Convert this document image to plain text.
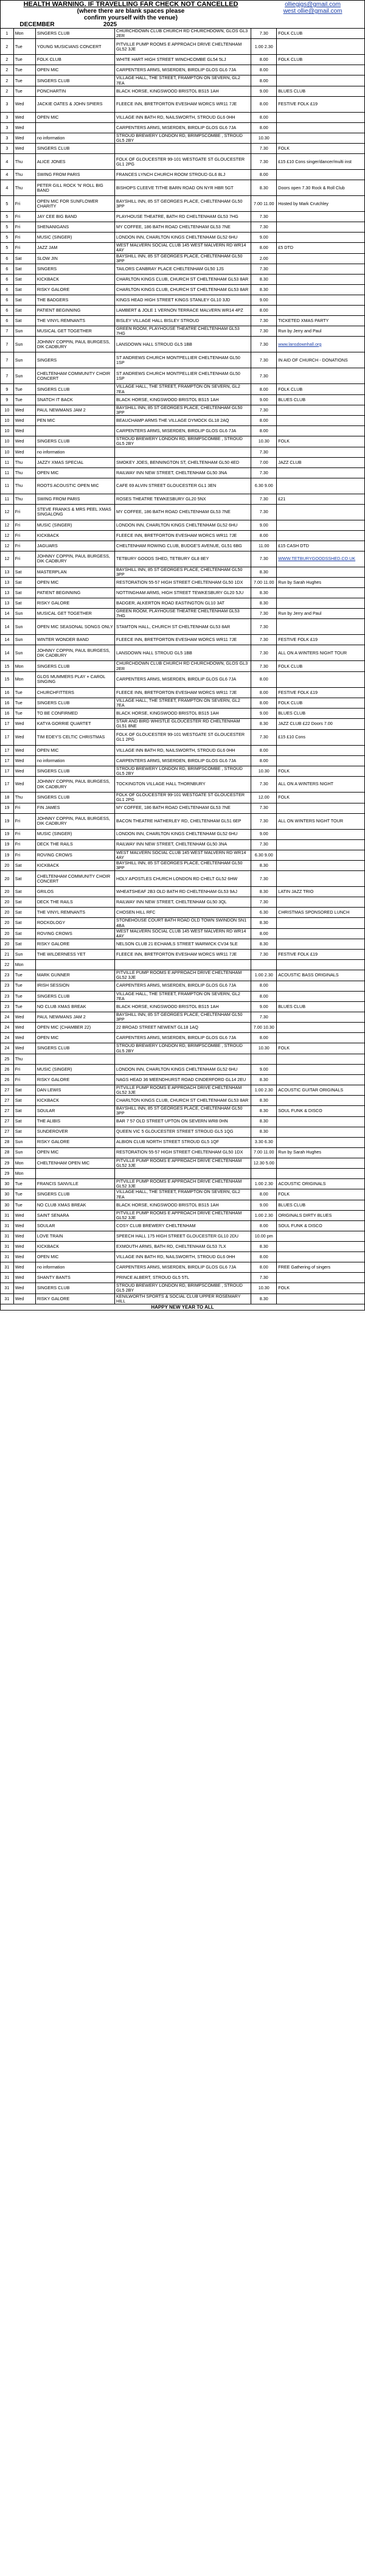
HEALTH WARNING. IF TRAVELLING FAR CHECK NOT CANCELLED
(where there are blank spaces please
confirm yourself with the venue)
olliegigs@gmail.com
west ollie@gmail.com
DECEMBER	2025
1	Mon	SINGERS CLUB	CHURCHDOWN CLUB CHURCH RD CHURCHDOWN, GLOS GL3 2ER	7.30	FOLK CLUB
2	Tue	YOUNG MUSICIANS CONCERT	PITVILLE PUMP ROOMS E APPROACH DRIVE CHELTENHAM GL52 3JE	1.00 2.30	
2	Tue	FOLK CLUB	WHITE HART HIGH STREET WINCHCOMBE GL54 5LJ	8.00	FOLK CLUB
2	Tue	OPEN MIC	CARPENTERS ARMS, MISERDEN, BIRDLIP GLOS GL6 7JA	8.00	
2	Tue	SINGERS CLUB	VILLAGE HALL, THE STREET, FRAMPTON ON SEVERN, GL2 7EA	8.00	
2	Tue	PONCHARTIN	BLACK HORSE, KINGSWOOD BRISTOL BS15 1AH	9.00	BLUES CLUB
3	Wed	JACKIE OATES & JOHN SPIERS	FLEECE INN, BRETFORTON EVESHAM WORCS WR11 7JE	8.00	FESTIVE FOLK £19
3	Wed	OPEN MIC	VILLAGE INN BATH RD, NAILSWORTH, STROUD GL6 0HH	8.00	
3	Wed		CARPENTERS ARMS, MISERDEN, BIRDLIP GLOS GL6 7JA	8.00	
3	Wed	no information	STROUD BREWERY LONDON RD, BRIMPSCOMBE , STROUD GL5 2BY	10.30	
3	Wed	SINGERS CLUB		7.30	FOLK
4	Thu	ALICE JONES	FOLK OF GLOUCESTER 99-101 WESTGATE ST GLOUCESTER GL1 2PG	7.30	£15 £10 Cons singer/dancer/multi inst
4	Thu	SWING FROM PARIS	FRANCES LYNCH CHURCH ROOM STROUD GL6 8LJ	8.00	
4	Thu	PETER GILL ROCK 'N' ROLL BIG BAND	BISHOPS CLEEVE TITHE BARN ROAD ON NYR HBR 5GT	8.30	Doors open 7.30 Rock & Roll Club
5	Fri	OPEN MIC FOR SUNFLOWER CHARITY	BAYSHILL INN, 85 ST GEORGES PLACE, CHELTENHAM GL50 3PP	7.00 11.00	Hosted by Mark Crutchley
5	Fri	JAY CEE BIG BAND	PLAYHOUSE THEATRE, BATH RD CHELTENHAM GL53 7HG	7.30	
5	Fri	SHENANIGANS	MY COFFEE, 186 BATH ROAD CHELTENHAM GL53 7NE	7.30	
5	Fri	MUSIC (SINGER)	LONDON INN, CHARLTON KINGS CHELTENHAM GL52 6HU	9.00	
5	Fri	JAZZ JAM	WEST MALVERN SOCIAL CLUB 145 WEST MALVERN RD WR14 4AY	8.00	£5 DTD
6	Sat	SLOW JIN	BAYSHILL INN, 85 ST GEORGES PLACE, CHELTENHAM GL50 3PP	2.00	
6	Sat	SINGERS	TAILORS CANBRAY PLACE CHELTENHAM GL50 1JS	7.30	
6	Sat	KICKBACK	CHARLTON KINGS CLUB, CHURCH ST CHELTENHAM GL53 8AR	8.30	
6	Sat	RISKY GALORE	CHARLTON KINGS CLUB, CHURCH ST CHELTENHAM GL53 8AR	8.30	
6	Sat	THE BADGERS	KINGS HEAD HIGH STREET KINGS STANLEY GL10 3JD	9.00	
6	Sat	PATIENT BEGINNING	LAMBERT & JOLE 1 VERNON TERRACE MALVERN WR14 4PZ	8.00	
6	Sat	THE VINYL REMNANTS	BISLEY VILLAGE HALL BISLEY STROUD	7.30	TICKETED XMAS PARTY
7	Sun	MUSICAL GET TOGETHER	GREEN ROOM, PLAYHOUSE THEATRE CHELTENHAM GL53 7HG	7.30	Run by Jerry and Paul
7	Sun	JOHNNY COPPIN, PAUL BURGESS, DIK CADBURY	LANSDOWN HALL STROUD GL5 1BB	7.30	www.lansdownhall.org
7	Sun	SINGERS	ST ANDREWS CHURCH MONTPELLIER CHELTENHAM GL50 1SP	7.30	IN AID OF CHURCH - DONATIONS
7	Sun	CHELTENHAM COMMUNITY CHOIR CONCERT	ST ANDREWS CHURCH MONTPELLIER CHELTENHAM GL50 1SP	7.30	
9	Tue	SINGERS CLUB	VILLAGE HALL, THE STREET, FRAMPTON ON SEVERN, GL2 7EA	8.00	FOLK CLUB
9	Tue	SNATCH IT BACK	BLACK HORSE, KINGSWOOD BRISTOL BS15 1AH	9.00	BLUES CLUB
10	Wed	PAUL NEWMANS JAM 2	BAYSHILL INN, 85 ST GEORGES PLACE, CHELTENHAM GL50 3PP	7.30	
10	Wed	PEN MIC	BEAUCHAMP ARMS THE VILLAGE DYMOCK GL18 2AQ	8.00	
10	Wed		CARPENTERS ARMS, MISERDEN, BIRDLIP GLOS GL6 7JA	8.00	
10	Wed	SINGERS CLUB	STROUD BREWERY LONDON RD, BRIMPSCOMBE , STROUD GL5 2BY	10.30	FOLK
10	Wed	no information		7.30	
11	Thu	JAZZY XMAS SPECIAL	SMOKEY JOES, BENNINGTON ST, CHELTENHAM GL50 4ED	7.00	JAZZ CLUB
11	Thu	OPEN MIC	RAILWAY INN NEW STREET, CHELTENHAM GL50 3NA	7.30	
11	Thu	ROOTS ACOUSTIC OPEN MIC	CAFE 69 ALVIN STREET GLOUCESTER GL1 3EN	6.30 9.00	
11	Thu	SWING FROM PARIS	ROSES THEATRE TEWKESBURY GL20 5NX	7.30	£21
12	Fri	STEVE FRANKS & MRS PEEL XMAS SINGALONG	MY COFFEE, 186 BATH ROAD CHELTENHAM GL53 7NE	7.30	
12	Fri	MUSIC (SINGER)	LONDON INN, CHARLTON KINGS CHELTENHAM GL52 6HU	9.00	
12	Fri	KICKBACK	FLEECE INN, BRETFORTON EVESHAM WORCS WR11 7JE	8.00	
12	Fri	JAGUARS	CHELTENHAM ROWING CLUB, BUDGE'S AVENUE, GL51 6BG	11.00	£15 CASH DTD
12	Fri	JOHNNY COPPIN, PAUL BURGESS, DIK CADBURY	TETBURY GOODS SHED, TETBURY GL8 8EY	7.30	WWW.TETBURYGOODSSHED.CO.UK
13	Sat	MASTERPLAN	BAYSHILL INN, 85 ST GEORGES PLACE, CHELTENHAM GL50 3PP	8.30	
13	Sat	OPEN MIC	RESTORATION 55-57 HIGH STREET CHELTENHAM GL50 1DX	7.00 11.00	Run by Sarah Hughes
13	Sat	PATIENT BEGINNING	NOTTINGHAM ARMS, HIGH STREET TEWKESBURY GL20 5JU	8.30	
13	Sat	RISKY GALORE	BADGER, ALKERTON ROAD EASTINGTON GL10 3AT	8.30	
14	Sun	MUSICAL GET TOGETHER	GREEN ROOM, PLAYHOUSE THEATRE CHELTENHAM GL53 7HG	7.30	Run by Jerry and Paul
14	Sun	OPEN MIC SEASONAL SONGS ONLY	STAMTON HALL, CHURCH ST CHELTENHAM GL53 8AR	7.30	
14	Sun	WINTER WONDER BAND	FLEECE INN, BRETFORTON EVESHAM WORCS WR11 7JE	7.30	FESTIVE FOLK £19
14	Sun	JOHNNY COPPIN, PAUL BURGESS, DIK CADBURY	LANSDOWN HALL STROUD GL5 1BB	7.30	ALL ON A WINTERS NIGHT TOUR
15	Mon	SINGERS CLUB	CHURCHDOWN CLUB CHURCH RD CHURCHDOWN, GLOS GL3 2ER	7.30	FOLK CLUB
15	Mon	GLOS MUMMERS PLAY + CAROL SINGING	CARPENTERS ARMS, MISERDEN, BIRDLIP GLOS GL6 7JA	8.00	
16	Tue	CHURCHFITTERS	FLEECE INN, BRETFORTON EVESHAM WORCS WR11 7JE	8.00	FESTIVE FOLK £19
16	Tue	SINGERS CLUB	VILLAGE HALL, THE STREET, FRAMPTON ON SEVERN, GL2 7EA	8.00	FOLK CLUB
16	Tue	TO BE CONFIRMED	BLACK HORSE, KINGSWOOD BRISTOL BS15 1AH	9.00	BLUES CLUB
17	Wed	KATYA GORRIE QUARTET	STAR AND BIRD WHISTLE GLOUCESTER RD CHELTENHAM GL51 8NE	8.30	JAZZ CLUB £22 Doors 7.00
17	Wed	TIM EDEY'S CELTIC CHRISTMAS	FOLK OF GLOUCESTER 99-101 WESTGATE ST GLOUCESTER GL1 2PG	7.30	£15 £10 Cons
17	Wed	OPEN MIC	VILLAGE INN BATH RD, NAILSWORTH, STROUD GL6 0HH	8.00	
17	Wed	no information	CARPENTERS ARMS, MISERDEN, BIRDLIP GLOS GL6 7JA	8.00	
17	Wed	SINGERS CLUB	STROUD BREWERY LONDON RD, BRIMPSCOMBE , STROUD GL5 2BY	10.30	FOLK
17	Wed	JOHNNY COPPIN, PAUL BURGESS, DIK CADBURY	TOCKINGTON VILLAGE HALL THORNBURY	7.30	ALL ON A WINTERS NIGHT
18	Thu	SINGERS CLUB	FOLK OF GLOUCESTER 99-101 WESTGATE ST GLOUCESTER GL1 2PG	12.00	FOLK
19	Fri	FIN JAMES	MY COFFEE, 186 BATH ROAD CHELTENHAM GL53 7NE	7.30	
19	Fri	JOHNNY COPPIN, PAUL BURGESS, DIK CADBURY	BACON THEATRE HATHERLEY RD, CHELTENHAM GL51 6EP	7.30	ALL ON WINTERS NIGHT TOUR
19	Fri	MUSIC (SINGER)	LONDON INN, CHARLTON KINGS CHELTENHAM GL52 6HU	9.00	
19	Fri	DECK THE RAILS	RAILWAY INN NEW STREET, CHELTENHAM GL50 3NA	7.30	
19	Fri	ROVING CROWS	WEST MALVERN SOCIAL CLUB 145 WEST MALVERN RD WR14 4AY	6.30 9.00	
20	Sat	KICKBACK	BAYSHILL INN, 85 ST GEORGES PLACE, CHELTENHAM GL50 3PP	8.30	
20	Sat	CHELTENHAM COMMUNITY CHOIR CONCERT	HOLY APOSTLES CHURCH LONDON RD CHELT GL52 6HW	7.30	
20	Sat	GRILOS	WHEATSHEAF 2B3 OLD BATH RD CHELTENHAM GL53 9AJ	8.30	LATIN JAZZ TRIO
20	Sat	DECK THE RAILS	RAILWAY INN NEW STREET, CHELTENHAM GL50 3QL	7.30	
20	Sat	THE VINYL REMNANTS	CHOSEN HILL RFC	6.30	CHRISTMAS SPONSORED LUNCH
20	Sat	ROCKOLOGY	STONEHOUSE COURT BATH ROAD OLD TOWN SWINDON SN1 4BA	8.30	
20	Sat	ROVING CROWS	WEST MALVERN SOCIAL CLUB 145 WEST MALVERN RD WR14 4AY	8.00	
20	Sat	RISKY GALORE	NELSON CLUB 21 ECHAMLS STREET WARWICK CV34 5LE	8.30	
21	Sun	THE WILDERNESS YET	FLEECE INN, BRETFORTON EVESHAM WORCS WR11 7JE	7.30	FESTIVE FOLK £19
22	Mon				
23	Tue	MARK GUNNER	PITVILLE PUMP ROOMS E APPROACH DRIVE CHELTENHAM GL52 3JE	1.00 2.30	ACOUSTIC BASS ORIGINALS
23	Tue	IRISH SESSION	CARPENTERS ARMS, MISERDEN, BIRDLIP GLOS GL6 7JA	8.00	
23	Tue	SINGERS CLUB	VILLAGE HALL, THE STREET, FRAMPTON ON SEVERN, GL2 7EA	8.00	
23	Tue	NO CLUB XMAS BREAK	BLACK HORSE, KINGSWOOD BRISTOL BS15 1AH	9.00	BLUES CLUB
24	Wed	PAUL NEWMANS JAM 2	BAYSHILL INN, 85 ST GEORGES PLACE, CHELTENHAM GL50 3PP	7.30	
24	Wed	OPEN MIC (CHAMBER 22)	22 BROAD STREET NEWENT GL18 1AQ	7.00 10.30	
24	Wed	OPEN MIC	CARPENTERS ARMS, MISERDEN, BIRDLIP GLOS GL6 7JA	8.00	
24	Wed	SINGERS CLUB	STROUD BREWERY LONDON RD, BRIMPSCOMBE , STROUD GL5 2BY	10.30	FOLK
25	Thu				
26	Fri	MUSIC (SINGER)	LONDON INN, CHARLTON KINGS CHELTENHAM GL52 6HU	9.00	
26	Fri	RISKY GALORE	NAGS HEAD 36 MEENDHURST ROAD CINDERFORD GL14 2EU	8.30	
27	Sat	DAN LEWIS	PITVILLE PUMP ROOMS E APPROACH DRIVE CHELTENHAM GL52 3JE	1.00 2.30	ACOUSTIC GUITAR ORIGINALS
27	Sat	KICKBACK	CHARLTON KINGS CLUB, CHURCH ST CHELTENHAM GL53 8AR	8.30	
27	Sat	SOULAR	BAYSHILL INN, 85 ST GEORGES PLACE, CHELTENHAM GL50 3PP	8.30	SOUL FUNK & DISCO
27	Sat	THE ALIBIS	BAR 7 57 OLD STREET UPTON ON SEVERN WR8 0HN	8.30	
27	Sat	SUNDEROVER	QUEEN VIC 5 GLOUCESTER STREET STROUD GL5 1QG	8.30	
28	Sun	RISKY GALORE	ALBION CLUB NORTH STREET STROUD GL5 1QF	3.30 6.30	
28	Sun	OPEN MIC	RESTORATION 55-57 HIGH STREET CHELTENHAM GL50 1DX	7.00 11.00	Run by Sarah Hughes
29	Mon	CHELTENHAM OPEN MIC	PITVILLE PUMP ROOMS E APPROACH DRIVE CHELTENHAM GL52 3JE	12.30 5.00	
29	Mon				
30	Tue	FRANCIS SANVILLE	PITVILLE PUMP ROOMS E APPROACH DRIVE CHELTENHAM GL52 3JE	1.00 2.30	ACOUSTIC ORIGINALS
30	Tue	SINGERS CLUB	VILLAGE HALL, THE STREET, FRAMPTON ON SEVERN, GL2 7EA	8.00	FOLK
30	Tue	NO CLUB XMAS BREAK	BLACK HORSE, KINGSWOOD BRISTOL BS15 1AH	9.00	BLUES CLUB
31	Wed	SAINT SENARA	PITVILLE PUMP ROOMS E APPROACH DRIVE CHELTENHAM GL52 3JE	1.00 2.30	ORIGINALS DIRTY BLUES
31	Wed	SOULAR	COSY CLUB BREWERY CHELTENHAM	8.00	SOUL FUNK & DISCO
31	Wed	LOVE TRAIN	SPEECH HALL 175 HIGH STREET GLOUCESTER GL10 2DU	10.00 pm	
31	Wed	KICKBACK	EXMOUTH ARMS, BATH RD, CHELTENHAM GL53 7LX	8.30	
31	Wed	OPEN MIC	VILLAGE INN BATH RD, NAILSWORTH, STROUD GL6 0HH	8.00	
31	Wed	no information	CARPENTERS ARMS, MISERDEN, BIRDLIP GLOS GL6 7JA	8.00	FREE Gathering of singers
31	Wed	SHANTY BANTS	PRINCE ALBERT, STROUD GL5 5TL	7.30	
31	Wed	SINGERS CLUB	STROUD BREWERY LONDON RD, BRIMPSCOMBE , STROUD GL5 2BY	10.30	FOLK
31	Wed	RISKY GALORE	KENILWORTH SPORTS & SOCIAL CLUB UPPER ROSEMARY HILL	8.30	
HAPPY NEW YEAR TO ALL
